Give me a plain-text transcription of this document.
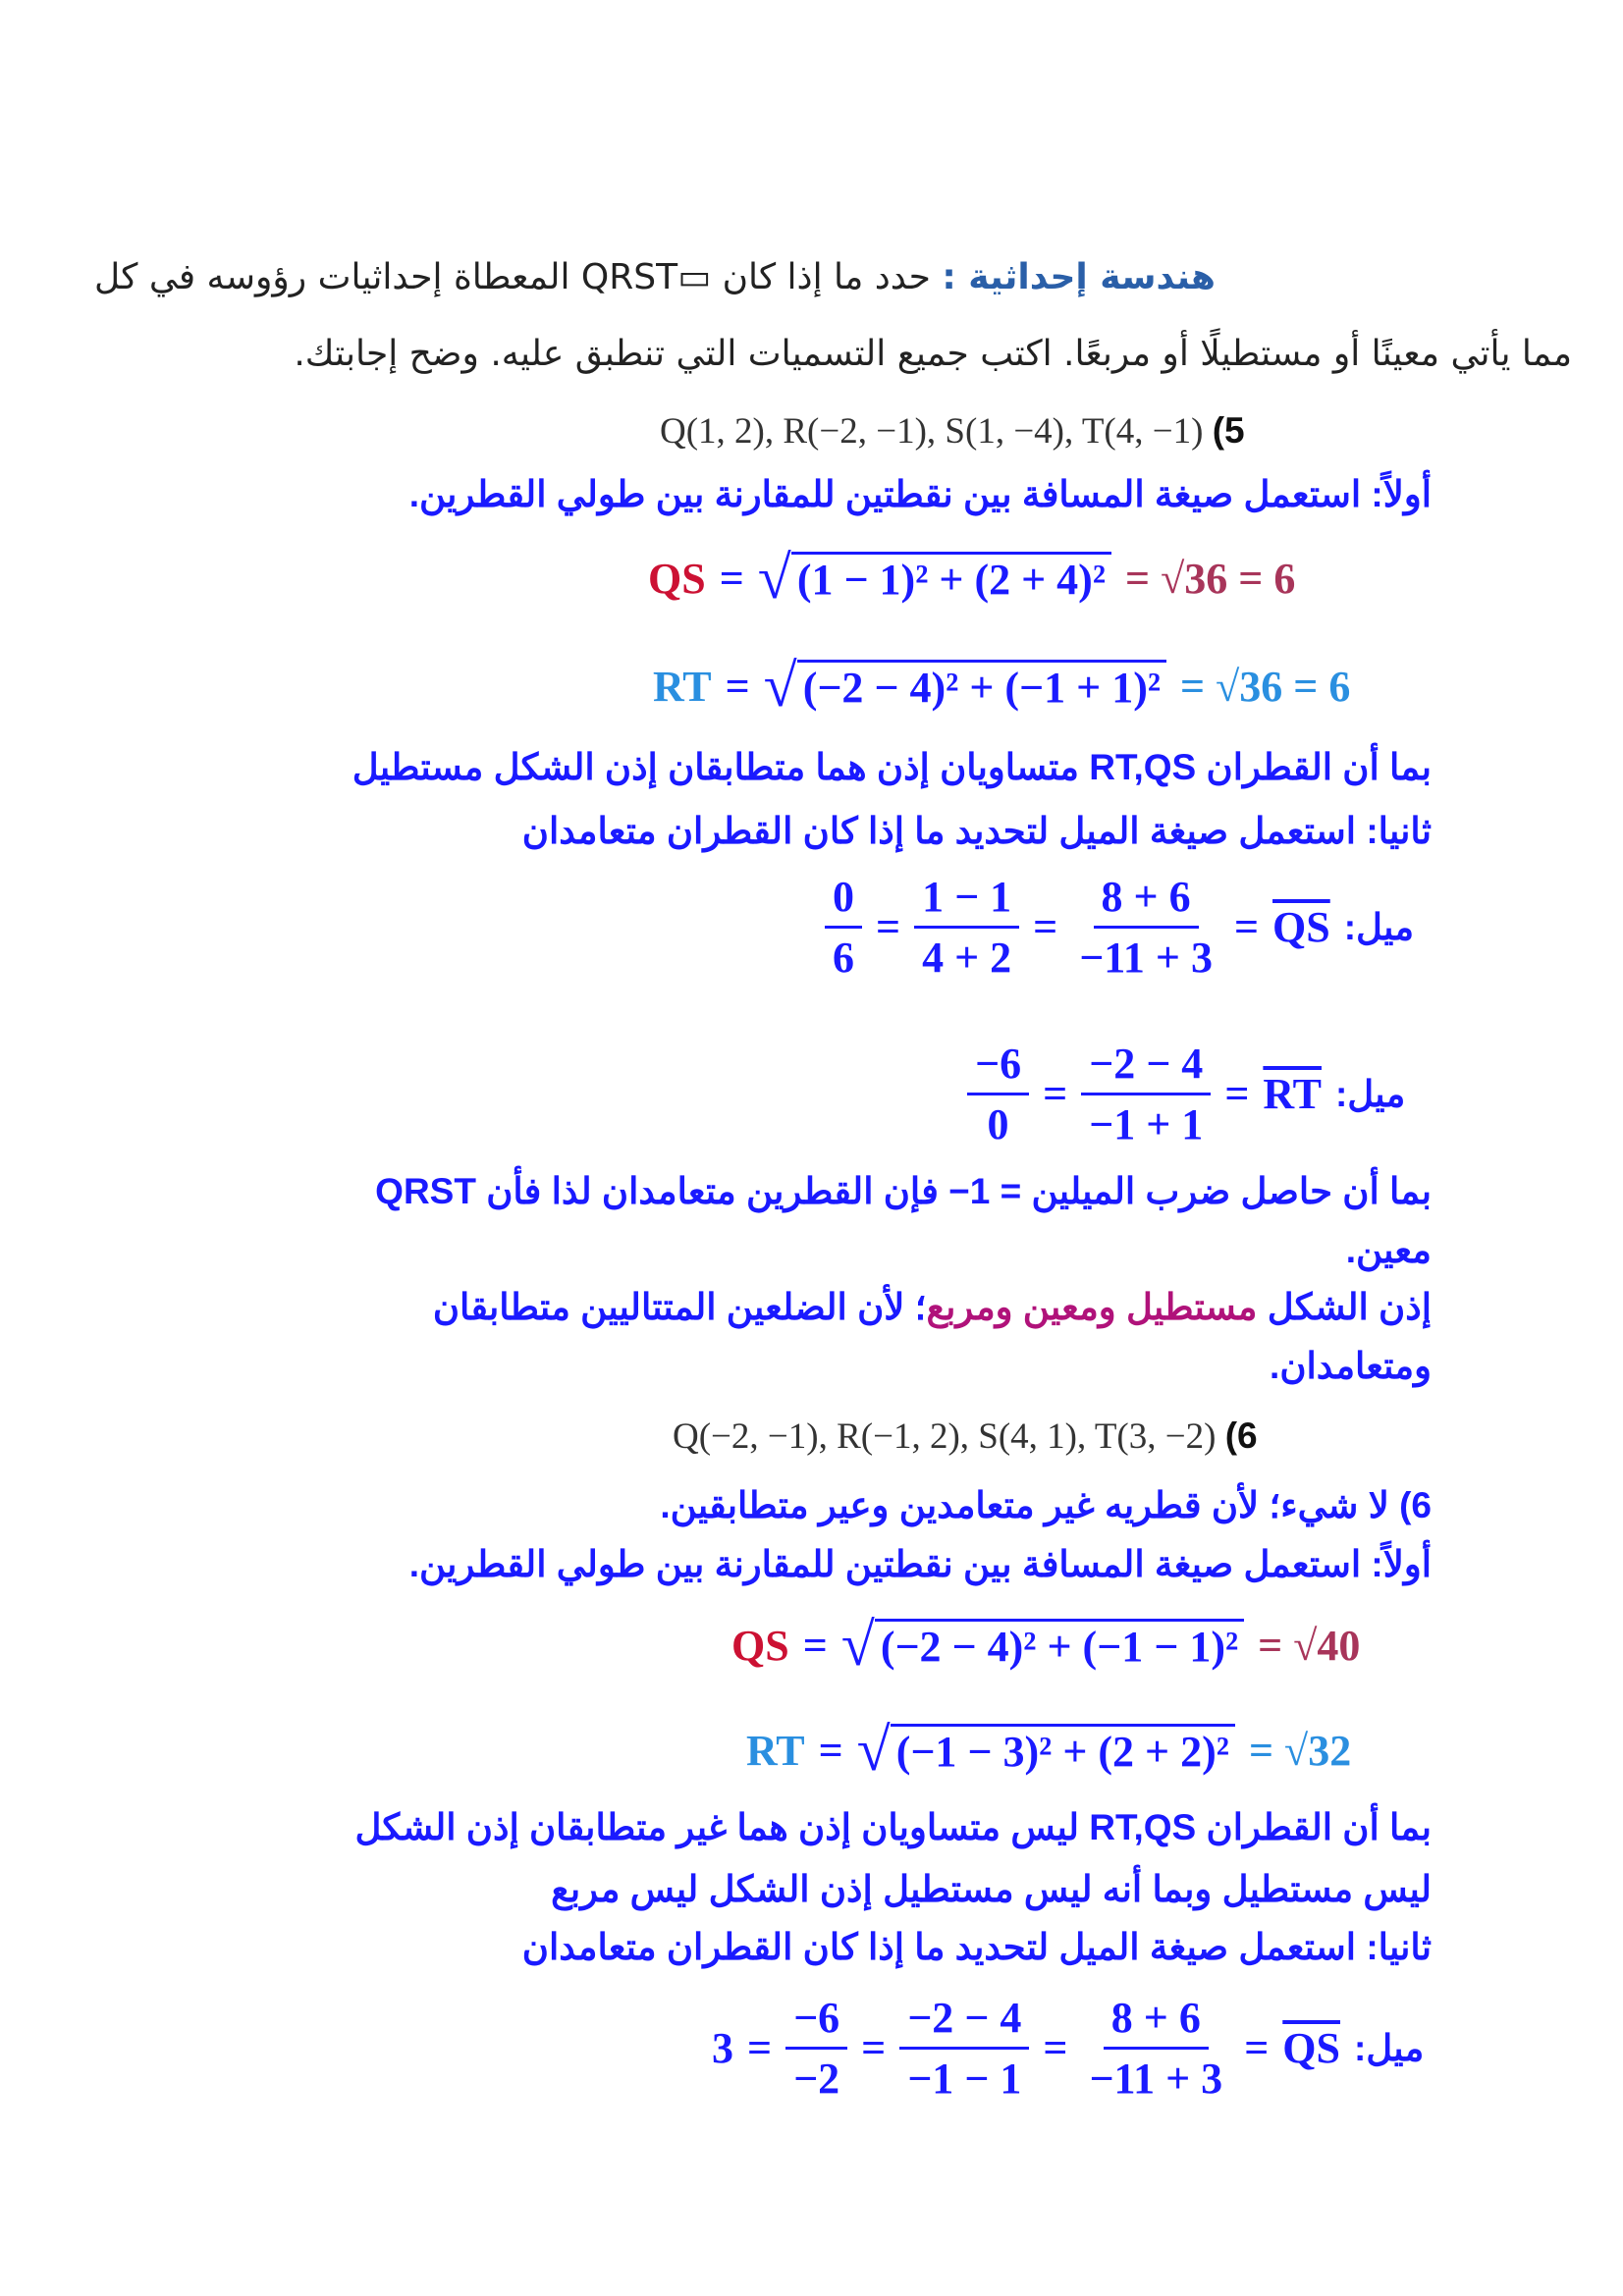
هندسة إحداثية : حدد ما إذا كان ▭QRST المعطاة إحداثيات رؤوسه في كل
مما يأتي معينًا أو مستطيلًا أو مربعًا. اكتب جميع التسميات التي تنطبق عليه. وضح إجابتك.
Q(1, 2), R(−2, −1), S(1, −4), T(4, −1) (5
أولاً: استعمل صيغة المسافة بين نقطتين للمقارنة بين طولي القطرين.
QS = √ (1 − 1)² + (2 + 4)² = √36 = 6
RT = √ (−2 − 4)² + (−1 + 1)² = √36 = 6
بما أن القطران RT,QS متساويان إذن هما متطابقان إذن الشكل مستطيل
ثانيا: استعمل صيغة الميل لتحديد ما إذا كان القطران متعامدان
$\frac{0}{6} = \frac{1 - 1}{4 + 2} = \frac{8 + 6}{-11 + 3} = \overline{QS}$ ميل:
$\frac{-6}{0} = \frac{-2 - 4}{-1 + 1} = \overline{RT}$ ميل:
بما أن حاصل ضرب الميلين = 1− فإن القطرين متعامدان لذا فأن QRST
معين.
إذن الشكل مستطيل ومعين ومربع؛ لأن الضلعين المتتاليين متطابقان
ومتعامدان.
Q(−2, −1), R(−1, 2), S(4, 1), T(3, −2) (6
6) لا شيء؛ لأن قطريه غير متعامدين وعير متطابقين.
أولاً: استعمل صيغة المسافة بين نقطتين للمقارنة بين طولي القطرين.
QS = √ (−2 − 4)² + (−1 − 1)² = √40
RT = √ (−1 − 3)² + (2 + 2)² = √32
بما أن القطران RT,QS ليس متساويان إذن هما غير متطابقان إذن الشكل
ليس مستطيل وبما أنه ليس مستطيل إذن الشكل ليس مربع
ثانيا: استعمل صيغة الميل لتحديد ما إذا كان القطران متعامدان
$3 = \frac{-6}{-2} = \frac{-2 - 4}{-1 - 1} = \frac{8 + 6}{-11 + 3} = \overline{QS}$ ميل:
